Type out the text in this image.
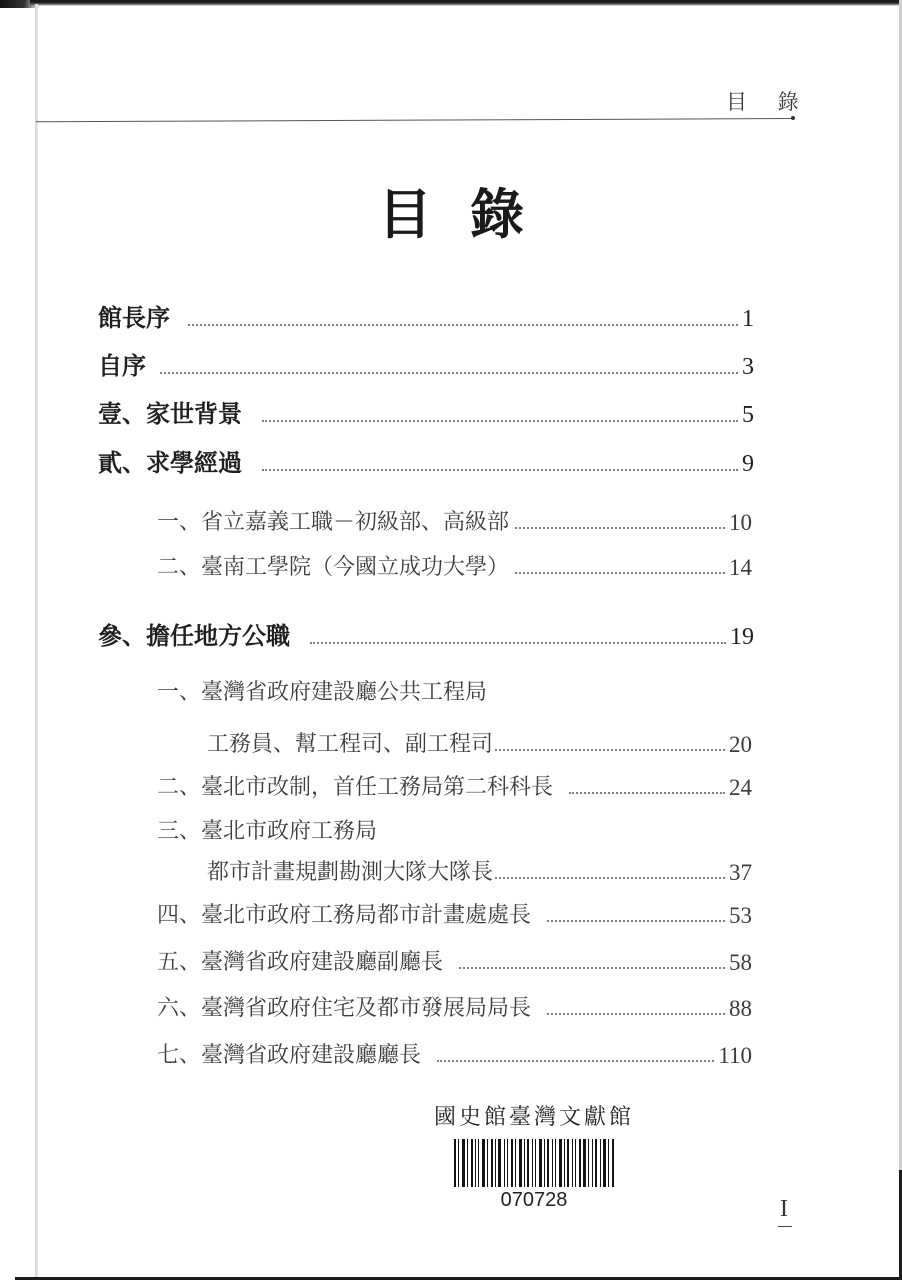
目 錄
目錄
館長序	1
自序	3
壹、家世背景	5
貳、求學經過	9
一、省立嘉義工職－初級部、高級部	10
二、臺南工學院（今國立成功大學）	14
參、擔任地方公職	19
一、臺灣省政府建設廳公共工程局
工務員、幫工程司、副工程司	20
二、臺北市改制，首任工務局第二科科長	24
三、臺北市政府工務局
都市計畫規劃勘測大隊大隊長	37
四、臺北市政府工務局都市計畫處處長	53
五、臺灣省政府建設廳副廳長	58
六、臺灣省政府住宅及都市發展局局長	88
七、臺灣省政府建設廳廳長	110
國史館臺灣文獻館
070728	I
